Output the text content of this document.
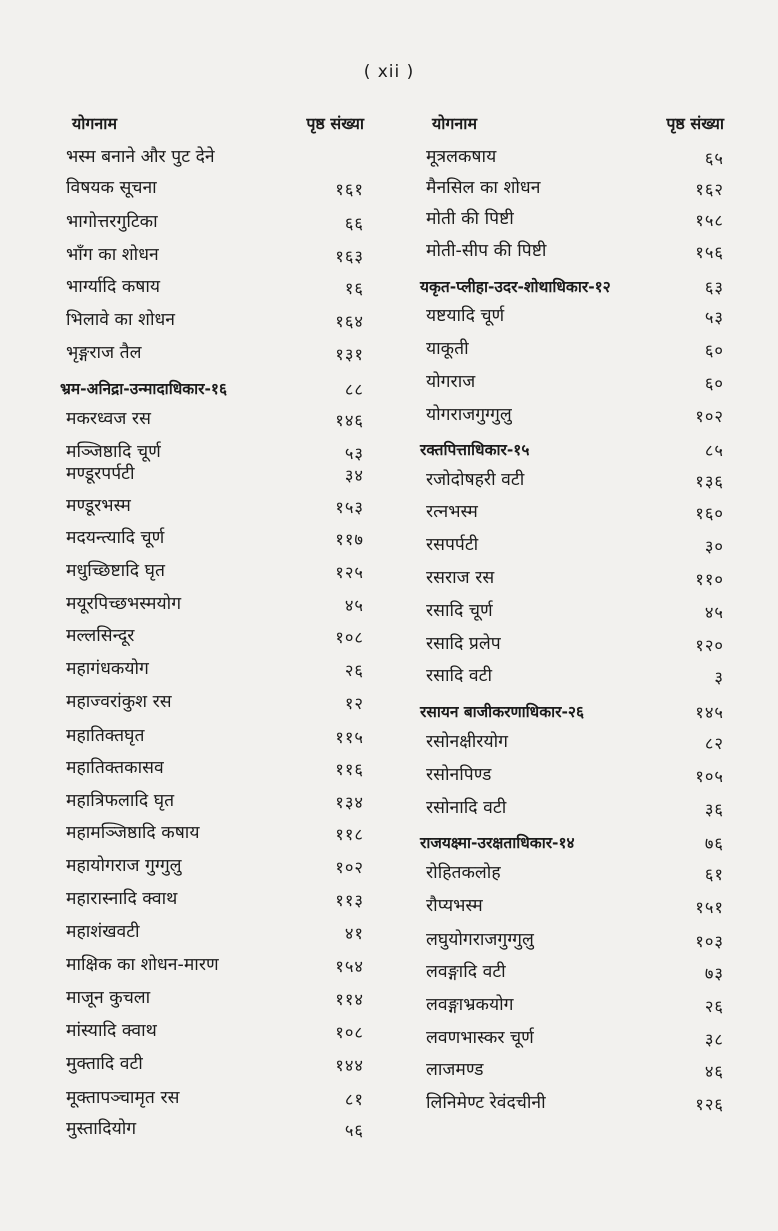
( xii )
योगनाम	पृष्ठ संख्या
भस्म बनाने और पुट देने
विषयक सूचना	१६१
भागोत्तरगुटिका	६६
भाँग का शोधन	१६३
भार्ग्यादि कषाय	१६
भिलावे का शोधन	१६४
भृङ्गराज तैल	१३१
भ्रम-अनिद्रा-उन्मादाधिकार-१६	८८
मकरध्वज रस	१४६
मञ्जिष्ठादि चूर्ण	५३
मण्डूरपर्पटी	३४
मण्डूरभस्म	१५३
मदयन्त्यादि चूर्ण	११७
मधुच्छिष्टादि घृत	१२५
मयूरपिच्छभस्मयोग	४५
मल्लसिन्दूर	१०८
महागंधकयोग	२६
महाज्वरांकुश रस	१२
महातिक्तघृत	११५
महातिक्तकासव	११६
महात्रिफलादि घृत	१३४
महामञ्जिष्ठादि कषाय	११८
महायोगराज गुग्गुलु	१०२
महारास्नादि क्वाथ	११३
महाशंखवटी	४१
माक्षिक का शोधन-मारण	१५४
माजून कुचला	११४
मांस्यादि क्वाथ	१०८
मुक्तादि वटी	१४४
मूक्तापञ्चामृत रस	८१
मुस्तादियोग	५६
योगनाम	पृष्ठ संख्या
मूत्रलकषाय	६५
मैनसिल का शोधन	१६२
मोती की पिष्टी	१५८
मोती-सीप की पिष्टी	१५६
यकृत-प्लीहा-उदर-शोथाधिकार-१२	६३
यष्टयादि चूर्ण	५३
याकूती	६०
योगराज	६०
योगराजगुग्गुलु	१०२
रक्तपित्ताधिकार-१५	८५
रजोदोषहरी वटी	१३६
रत्नभस्म	१६०
रसपर्पटी	३०
रसराज रस	११०
रसादि चूर्ण	४५
रसादि प्रलेप	१२०
रसादि वटी	३
रसायन बाजीकरणाधिकार-२६	१४५
रसोनक्षीरयोग	८२
रसोनपिण्ड	१०५
रसोनादि वटी	३६
राजयक्ष्मा-उरक्षताधिकार-१४	७६
रोहितकलोह	६१
रौप्यभस्म	१५१
लघुयोगराजगुग्गुलु	१०३
लवङ्गादि वटी	७३
लवङ्गाभ्रकयोग	२६
लवणभास्कर चूर्ण	३८
लाजमण्ड	४६
लिनिमेण्ट रेवंदचीनी	१२६
